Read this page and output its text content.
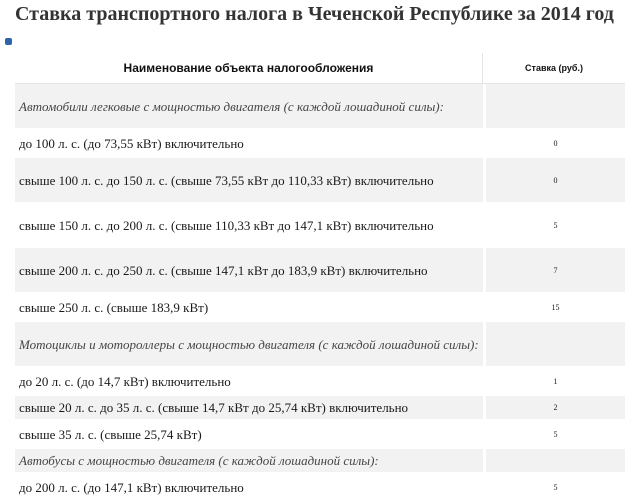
Ставка транспортного налога в Чеченской Республике за 2014 год
Наименование объекта налогообложения	Ставка (руб.)
Автомобили легковые с мощностью двигателя (с каждой лошадиной силы):	
до 100 л. с. (до 73,55 кВт) включительно	0
свыше 100 л. с. до 150 л. с. (свыше 73,55 кВт до 110,33 кВт) включительно	0
свыше 150 л. с. до 200 л. с. (свыше 110,33 кВт до 147,1 кВт) включительно	5
свыше 200 л. с. до 250 л. с. (свыше 147,1 кВт до 183,9 кВт) включительно	7
свыше 250 л. с. (свыше 183,9 кВт)	15
Мотоциклы и мотороллеры с мощностью двигателя (с каждой лошадиной силы):	
до 20 л. с. (до 14,7 кВт) включительно	1
свыше 20 л. с. до 35 л. с. (свыше 14,7 кВт до 25,74 кВт) включительно	2
свыше 35 л. с. (свыше 25,74 кВт)	5
Автобусы с мощностью двигателя (с каждой лошадиной силы):	
до 200 л. с. (до 147,1 кВт) включительно	5
